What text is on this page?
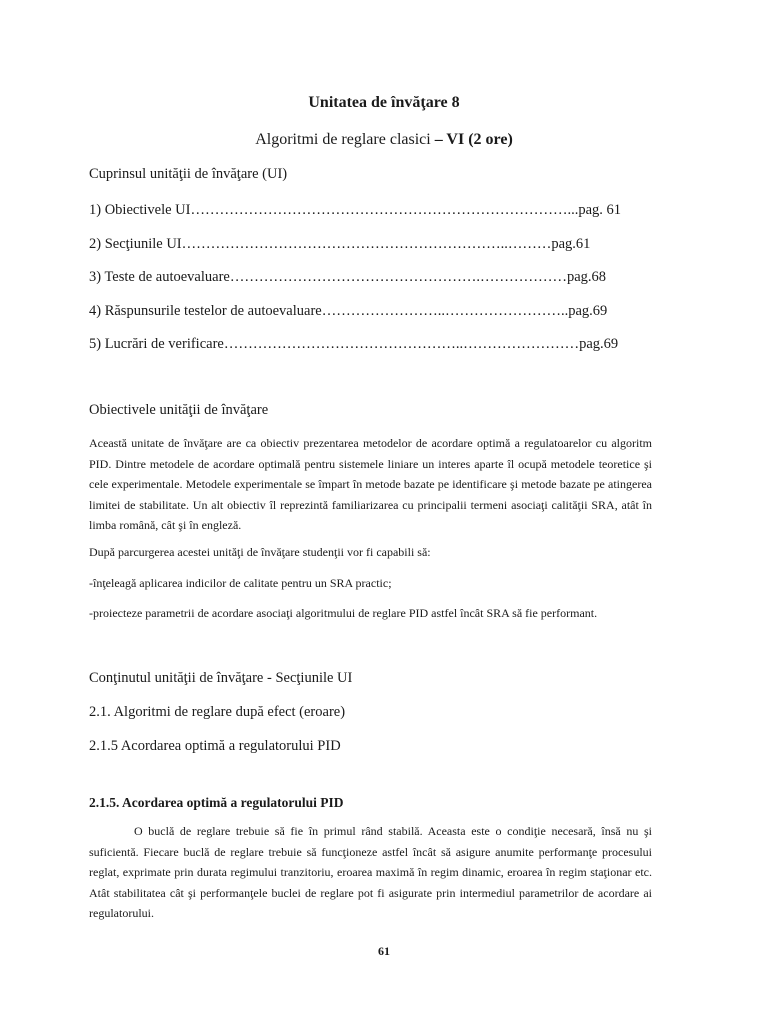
Unitatea de învăţare 8
Algoritmi de reglare clasici – VI (2 ore)
Cuprinsul unităţii de învăţare (UI)
1) Obiectivele UI……………………………………………………………………...pag. 61
2) Secţiunile UI…………………………………………………………..………pag.61
3) Teste de autoevaluare…………………………………………….………………pag.68
4) Răspunsurile testelor de autoevaluare……………………..……………………..pag.69
5) Lucrări de verificare…………………………………………..……………………pag.69
Obiectivele unităţii de învăţare
Această unitate de învăţare are ca obiectiv prezentarea metodelor de acordare optimă a regulatoarelor cu algoritm PID. Dintre metodele de acordare optimală pentru sistemele liniare un interes aparte îl ocupă metodele teoretice şi cele experimentale. Metodele experimentale se împart în metode bazate pe identificare şi metode bazate pe atingerea limitei de stabilitate. Un alt obiectiv îl reprezintă familiarizarea cu principalii termeni asociaţi calităţii SRA, atât în limba română, cât şi în engleză.
După parcurgerea acestei unităţi de învăţare studenţii vor fi capabili să:
-înţeleagă aplicarea indicilor de calitate pentru un SRA practic;
-proiecteze parametrii de acordare asociaţi algoritmului de reglare PID astfel încât SRA să fie performant.
Conţinutul unităţii de învăţare - Secţiunile UI
2.1. Algoritmi de reglare după efect (eroare)
2.1.5 Acordarea optimă a regulatorului PID
2.1.5. Acordarea optimă a regulatorului PID
O buclă de reglare trebuie să fie în primul rând stabilă. Aceasta este o condiţie necesară, însă nu şi suficientă. Fiecare buclă de reglare trebuie să funcţioneze astfel încât să asigure anumite performanţe procesului reglat, exprimate prin durata regimului tranzitoriu, eroarea maximă în regim dinamic, eroarea în regim staţionar etc. Atât stabilitatea cât şi performanţele buclei de reglare pot fi asigurate prin intermediul parametrilor de acordare ai regulatorului.
61
